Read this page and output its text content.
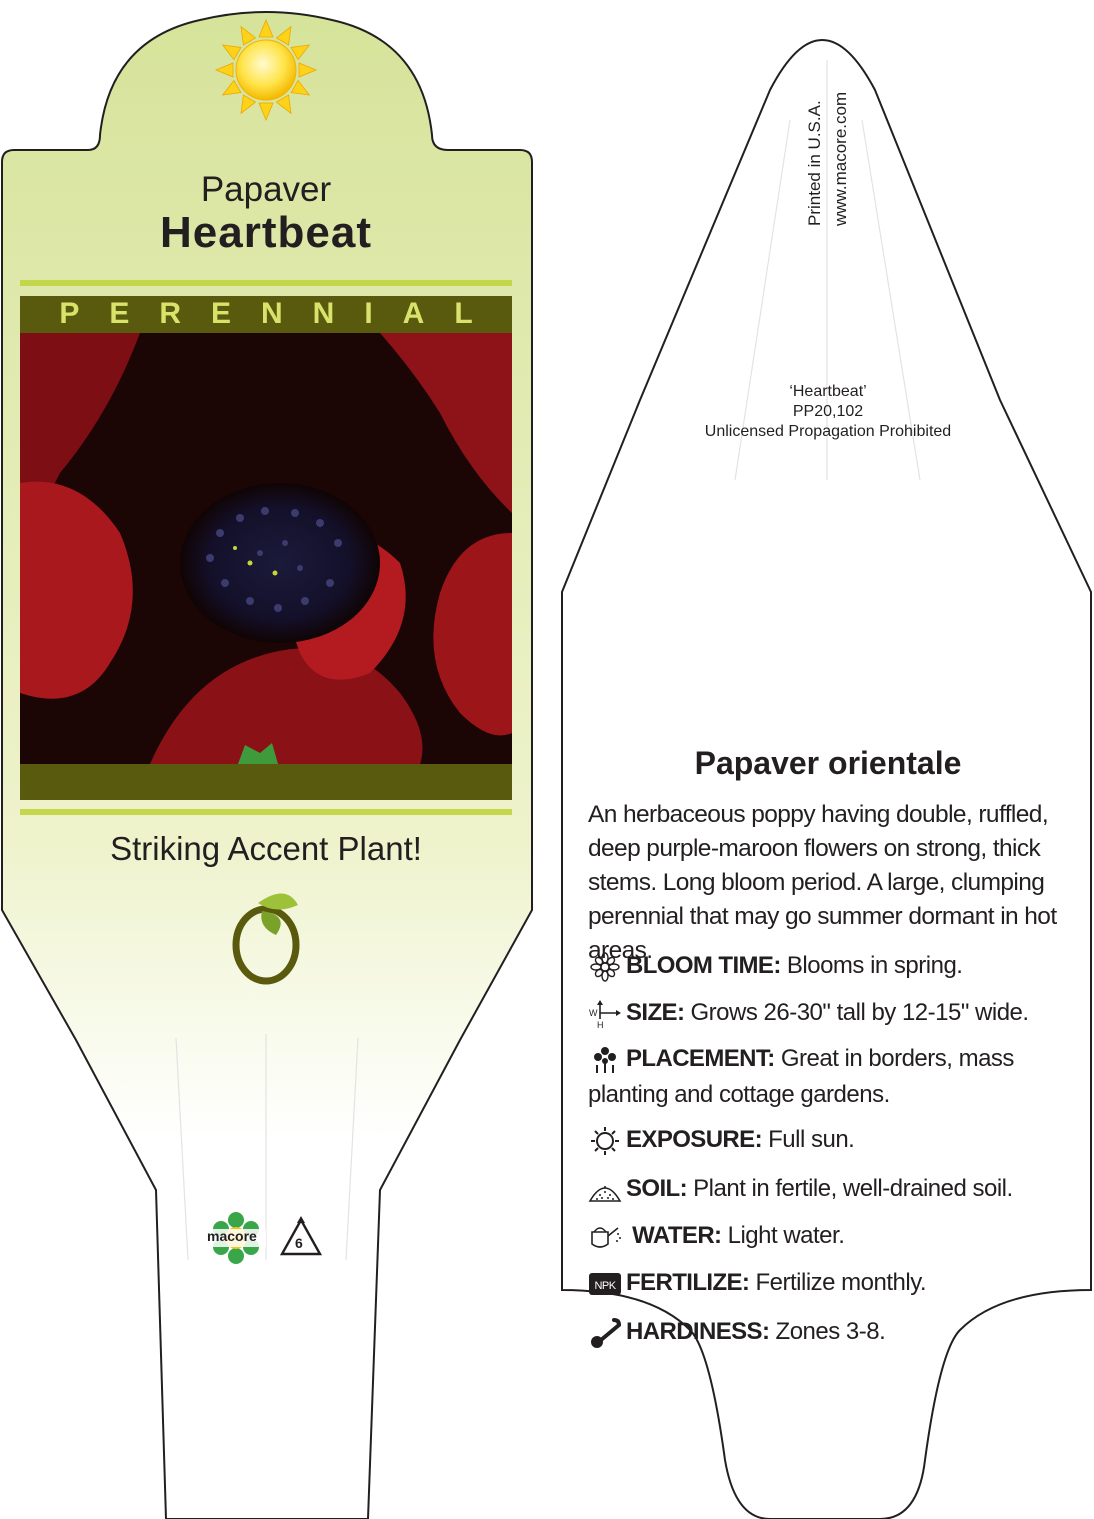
Papaver
Heartbeat
PERENNIAL
Striking Accent Plant!
macore	6
Printed in U.S.A. www.macore.com
‘Heartbeat’
PP20,102
Unlicensed Propagation Prohibited
Papaver orientale
An herbaceous poppy having double, ruffled, deep purple-maroon flowers on strong, thick stems. Long bloom period. A large, clumping perennial that may go summer dormant in hot areas.
BLOOM TIME: Blooms in spring.
W
H SIZE: Grows 26-30" tall by 12-15" wide.
PLACEMENT: Great in borders, mass planting and cottage gardens.
EXPOSURE: Full sun.
SOIL: Plant in fertile, well-drained soil.
WATER: Light water.
NPK FERTILIZE: Fertilize monthly.
HARDINESS: Zones 3-8.
